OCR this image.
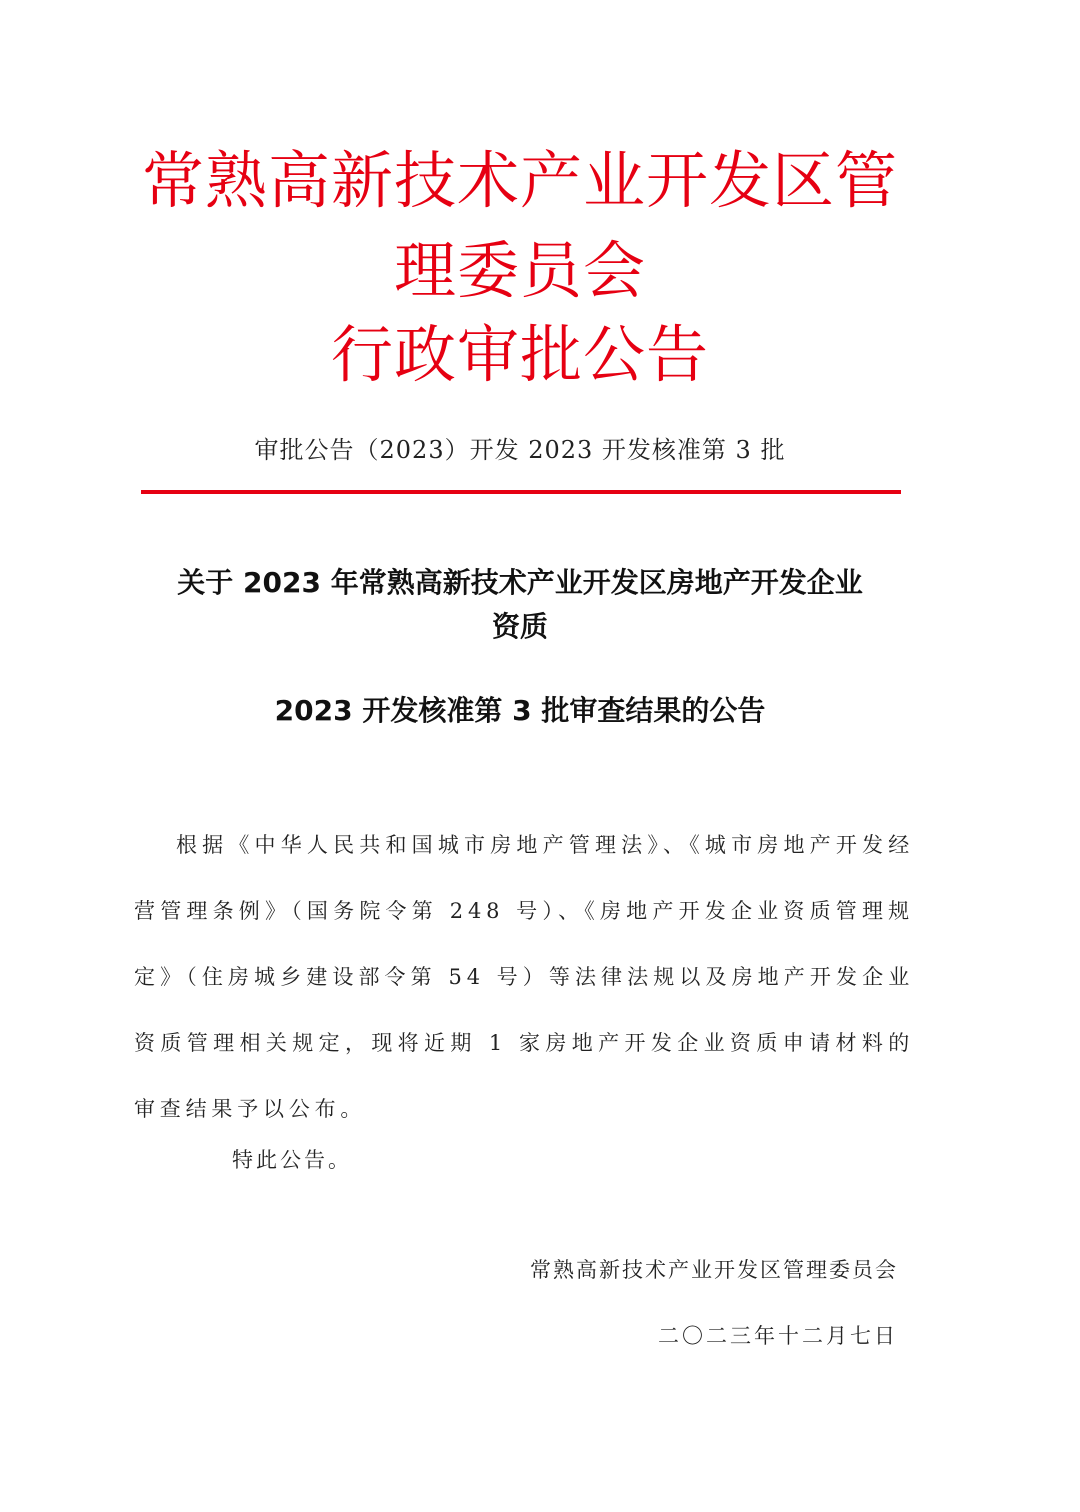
常熟高新技术产业开发区管
理委员会
行政审批公告
审批公告（2023）开发 2023 开发核准第 3 批
关于 2023 年常熟高新技术产业开发区房地产开发企业
资质
2023 开发核准第 3 批审查结果的公告
根据《中华人民共和国城市房地产管理法》、《城市房地产开发经营管理条例》（国务院令第 248 号）、《房地产开发企业资质管理规定》（住房城乡建设部令第 54 号）等法律法规以及房地产开发企业资质管理相关规定，现将近期 1 家房地产开发企业资质申请材料的审查结果予以公布。
特此公告。
常熟高新技术产业开发区管理委员会
二〇二三年十二月七日
